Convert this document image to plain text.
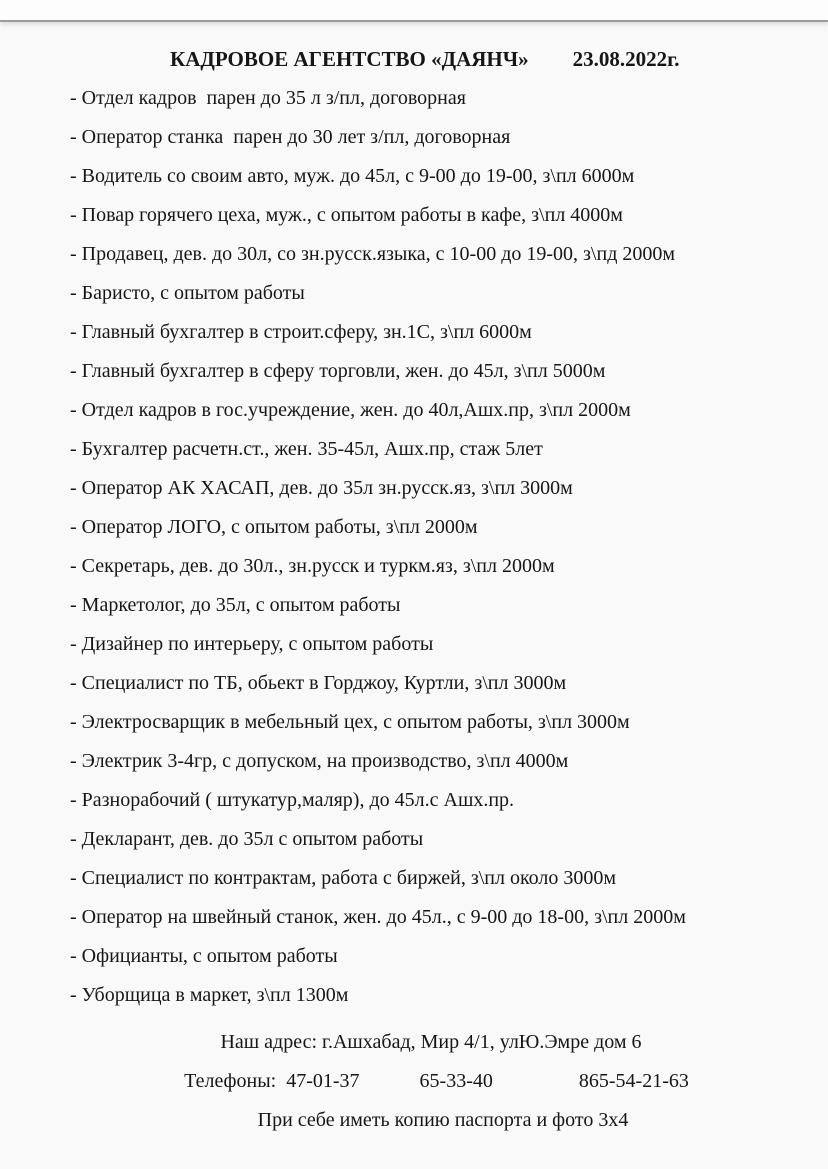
КАДРОВОЕ АГЕНТСТВО «ДАЯНЧ» 23.08.2022г.
- Отдел кадров  парен до 35 л з/пл, договорная
- Оператор станка  парен до 30 лет з/пл, договорная
- Водитель со своим авто, муж. до 45л, с 9-00 до 19-00, з\пл 6000м
- Повар горячего цеха, муж., с опытом работы в кафе, з\пл 4000м
- Продавец, дев. до 30л, со зн.русск.языка, с 10-00 до 19-00, з\пд 2000м
- Баристо, с опытом работы
- Главный бухгалтер в строит.сферу, зн.1С, з\пл 6000м
- Главный бухгалтер в сферу торговли, жен. до 45л, з\пл 5000м
- Отдел кадров в гос.учреждение, жен. до 40л,Ашх.пр, з\пл 2000м
- Бухгалтер расчетн.ст., жен. 35-45л, Ашх.пр, стаж 5лет
- Оператор АК ХАСАП, дев. до 35л зн.русск.яз, з\пл 3000м
- Оператор ЛОГО, с опытом работы, з\пл 2000м
- Секретарь, дев. до 30л., зн.русск и туркм.яз, з\пл 2000м
- Маркетолог, до 35л, с опытом работы
- Дизайнер по интерьеру, с опытом работы
- Специалист по ТБ, обьект в Горджоу, Куртли, з\пл 3000м
- Электросварщик в мебельный цех, с опытом работы, з\пл 3000м
- Электрик 3-4гр, с допуском, на производство, з\пл 4000м
- Разнорабочий ( штукатур,маляр), до 45л.с Ашх.пр.
- Декларант, дев. до 35л с опытом работы
- Специалист по контрактам, работа с биржей, з\пл около 3000м
- Оператор на швейный станок, жен. до 45л., с 9-00 до 18-00, з\пл 2000м
- Официанты, с опытом работы
- Уборщица в маркет, з\пл 1300м
Наш адрес: г.Ашхабад, Мир 4/1, улЮ.Эмре дом 6
Телефоны: 47-01-37	65-33-40	865-54-21-63
При себе иметь копию паспорта и фото 3x4
